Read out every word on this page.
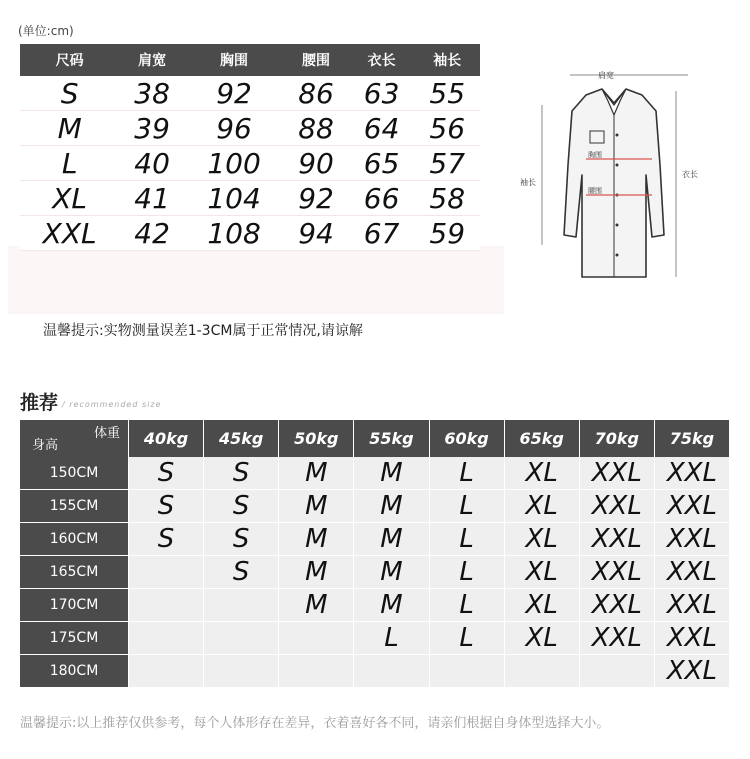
(单位:cm)
尺码	肩宽	胸围	腰围	衣长	袖长
S	38	92	86	63	55
M	39	96	88	64	56
L	40	100	90	65	57
XL	41	104	92	66	58
XXL	42	108	94	67	59
肩宽
袖长
衣长
胸围
腰围
温馨提示:实物测量误差1-3CM属于正常情况,请谅解
推荐 / recommended size
体重
身高	40kg	45kg	50kg	55kg	60kg	65kg	70kg	75kg
150CM	S	S	M	M	L	XL	XXL	XXL
155CM	S	S	M	M	L	XL	XXL	XXL
160CM	S	S	M	M	L	XL	XXL	XXL
165CM		S	M	M	L	XL	XXL	XXL
170CM			M	M	L	XL	XXL	XXL
175CM				L	L	XL	XXL	XXL
180CM								XXL
温馨提示:以上推荐仅供参考，每个人体形存在差异，衣着喜好各不同，请亲们根据自身体型选择大小。
